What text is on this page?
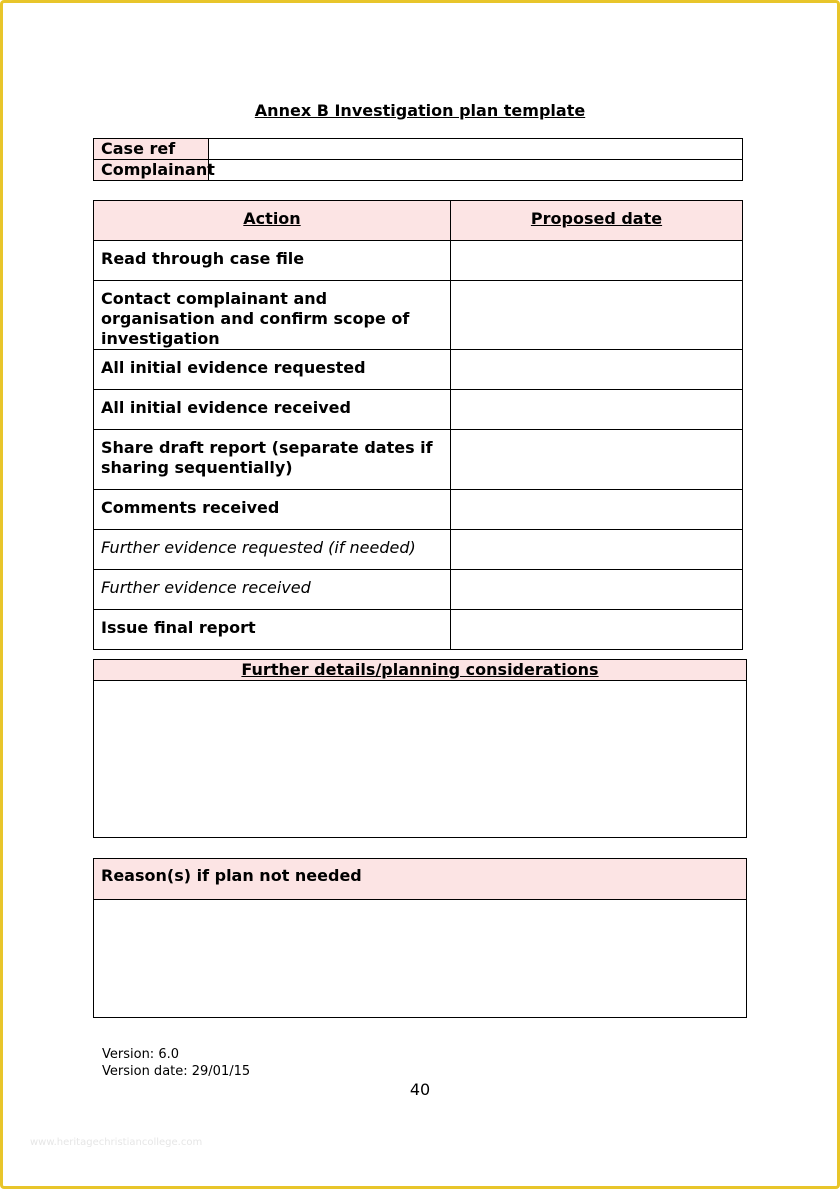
Annex B Investigation plan template
Case ref	
Complainant	
Action	Proposed date
Read through case file	
Contact complainant and organisation and confirm scope of investigation	
All initial evidence requested	
All initial evidence received	
Share draft report (separate dates if sharing sequentially)	
Comments received	
Further evidence requested (if needed)	
Further evidence received	
Issue final report	
Further details/planning considerations

Reason(s) if plan not needed

Version: 6.0
Version date: 29/01/15
40
www.heritagechristiancollege.com
